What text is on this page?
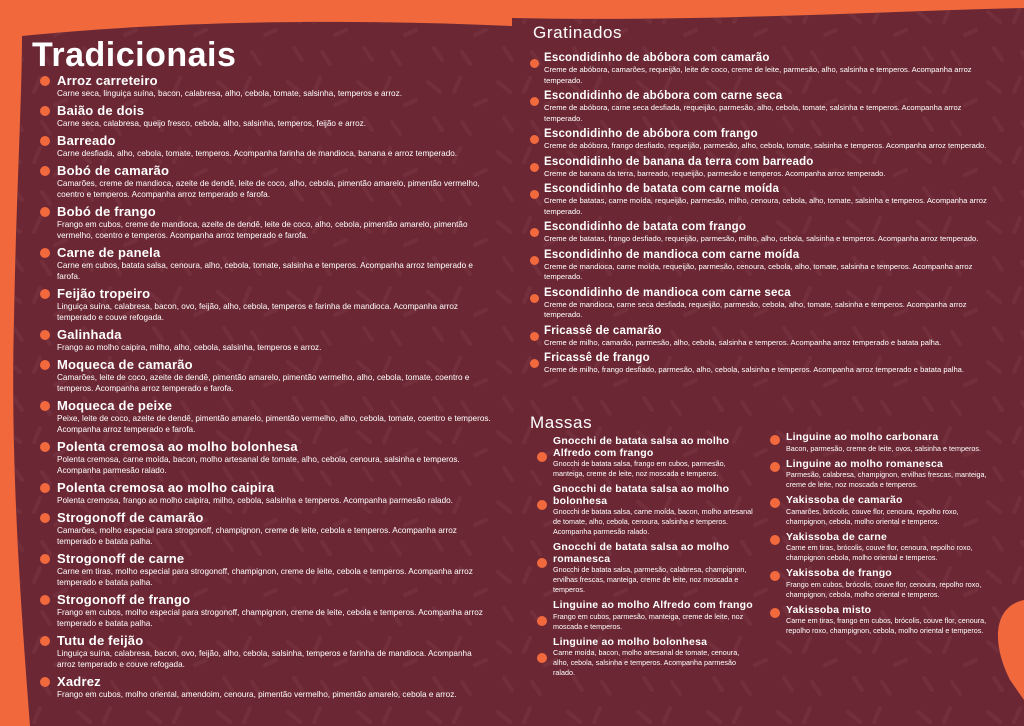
Tradicionais
Arroz carreteiro
Carne seca, linguiça suína, bacon, calabresa, alho, cebola, tomate, salsinha, temperos e arroz.
Baião de dois
Carne seca, calabresa, queijo fresco, cebola, alho, salsinha, temperos, feijão e arroz.
Barreado
Carne desfiada, alho, cebola, tomate, temperos. Acompanha farinha de mandioca, banana e arroz temperado.
Bobó de camarão
Camarões, creme de mandioca, azeite de dendê, leite de coco, alho, cebola, pimentão amarelo, pimentão vermelho, coentro e temperos. Acompanha arroz temperado e farofa.
Bobó de frango
Frango em cubos, creme de mandioca, azeite de dendê, leite de coco, alho, cebola, pimentão amarelo, pimentão vermelho, coentro e temperos. Acompanha arroz temperado e farofa.
Carne de panela
Carne em cubos, batata salsa, cenoura, alho, cebola, tomate, salsinha e temperos. Acompanha arroz temperado e farofa.
Feijão tropeiro
Linguiça suína, calabresa, bacon, ovo, feijão, alho, cebola, temperos e farinha de mandioca. Acompanha arroz temperado e couve refogada.
Galinhada
Frango ao molho caipira, milho, alho, cebola, salsinha, temperos e arroz.
Moqueca de camarão
Camarões, leite de coco, azeite de dendê, pimentão amarelo, pimentão vermelho, alho, cebola, tomate, coentro e temperos. Acompanha arroz temperado e farofa.
Moqueca de peixe
Peixe, leite de coco, azeite de dendê, pimentão amarelo, pimentão vermelho, alho, cebola, tomate, coentro e temperos. Acompanha arroz temperado e farofa.
Polenta cremosa ao molho bolonhesa
Polenta cremosa, carne moída, bacon, molho artesanal de tomate, alho, cebola, cenoura, salsinha e temperos. Acompanha parmesão ralado.
Polenta cremosa ao molho caipira
Polenta cremosa, frango ao molho caipira, milho, cebola, salsinha e temperos. Acompanha parmesão ralado.
Strogonoff de camarão
Camarões, molho especial para strogonoff, champignon, creme de leite, cebola e temperos. Acompanha arroz temperado e batata palha.
Strogonoff de carne
Carne em tiras, molho especial para strogonoff, champignon, creme de leite, cebola e temperos. Acompanha arroz temperado e batata palha.
Strogonoff de frango
Frango em cubos, molho especial para strogonoff, champignon, creme de leite, cebola e temperos. Acompanha arroz temperado e batata palha.
Tutu de feijão
Linguiça suína, calabresa, bacon, ovo, feijão, alho, cebola, salsinha, temperos e farinha de mandioca. Acompanha arroz temperado e couve refogada.
Xadrez
Frango em cubos, molho oriental, amendoim, cenoura, pimentão vermelho, pimentão amarelo, cebola e arroz.
Gratinados
Escondidinho de abóbora com camarão
Creme de abóbora, camarões, requeijão, leite de coco, creme de leite, parmesão, alho, salsinha e temperos. Acompanha arroz temperado.
Escondidinho de abóbora com carne seca
Creme de abóbora, carne seca desfiada, requeijão, parmesão, alho, cebola, tomate, salsinha e temperos. Acompanha arroz temperado.
Escondidinho de abóbora com frango
Creme de abóbora, frango desfiado, requeijão, parmesão, alho, cebola, tomate, salsinha e temperos. Acompanha arroz temperado.
Escondidinho de banana da terra com barreado
Creme de banana da terra, barreado, requeijão, parmesão e temperos. Acompanha arroz temperado.
Escondidinho de batata com carne moída
Creme de batatas, carne moída, requeijão, parmesão, milho, cenoura, cebola, alho, tomate, salsinha e temperos. Acompanha arroz temperado.
Escondidinho de batata com frango
Creme de batatas, frango desfiado, requeijão, parmesão, milho, alho, cebola, salsinha e temperos. Acompanha arroz temperado.
Escondidinho de mandioca com carne moída
Creme de mandioca, carne moída, requeijão, parmesão, cenoura, cebola, alho, tomate, salsinha e temperos. Acompanha arroz temperado.
Escondidinho de mandioca com carne seca
Creme de mandioca, carne seca desfiada, requeijão, parmesão, cebola, alho, tomate, salsinha e temperos. Acompanha arroz temperado.
Fricassê de camarão
Creme de milho, camarão, parmesão, alho, cebola, salsinha e temperos. Acompanha arroz temperado e batata palha.
Fricassê de frango
Creme de milho, frango desfiado, parmesão, alho, cebola, salsinha e temperos. Acompanha arroz temperado e batata palha.
Massas
Gnocchi de batata salsa ao molho Alfredo com frango
Gnocchi de batata salsa, frango em cubos, parmesão, manteiga, creme de leite, noz moscada e temperos.
Gnocchi de batata salsa ao molho bolonhesa
Gnocchi de batata salsa, carne moída, bacon, molho artesanal de tomate, alho, cebola, cenoura, salsinha e temperos. Acompanha parmesão ralado.
Gnocchi de batata salsa ao molho romanesca
Gnocchi de batata salsa, parmesão, calabresa, champignon, ervilhas frescas, manteiga, creme de leite, noz moscada e temperos.
Linguine ao molho Alfredo com frango
Frango em cubos, parmesão, manteiga, creme de leite, noz moscada e temperos.
Linguine ao molho bolonhesa
Carne moída, bacon, molho artesanal de tomate, cenoura, alho, cebola, salsinha e temperos. Acompanha parmesão ralado.
Linguine ao molho carbonara
Bacon, parmesão, creme de leite, ovos, salsinha e temperos.
Linguine ao molho romanesca
Parmesão, calabresa, champignon, ervilhas frescas, manteiga, creme de leite, noz moscada e temperos.
Yakissoba de camarão
Camarões, brócolis, couve flor, cenoura, repolho roxo, champignon, cebola, molho oriental e temperos.
Yakissoba de carne
Carne em tiras, brócolis, couve flor, cenoura, repolho roxo, champignon cebola, molho oriental e temperos.
Yakissoba de frango
Frango em cubos, brócolis, couve flor, cenoura, repolho roxo, champignon, cebola, molho oriental e temperos.
Yakissoba misto
Carne em tiras, frango em cubos, brócolis, couve flor, cenoura, repolho roxo, champignon, cebola, molho oriental e temperos.
